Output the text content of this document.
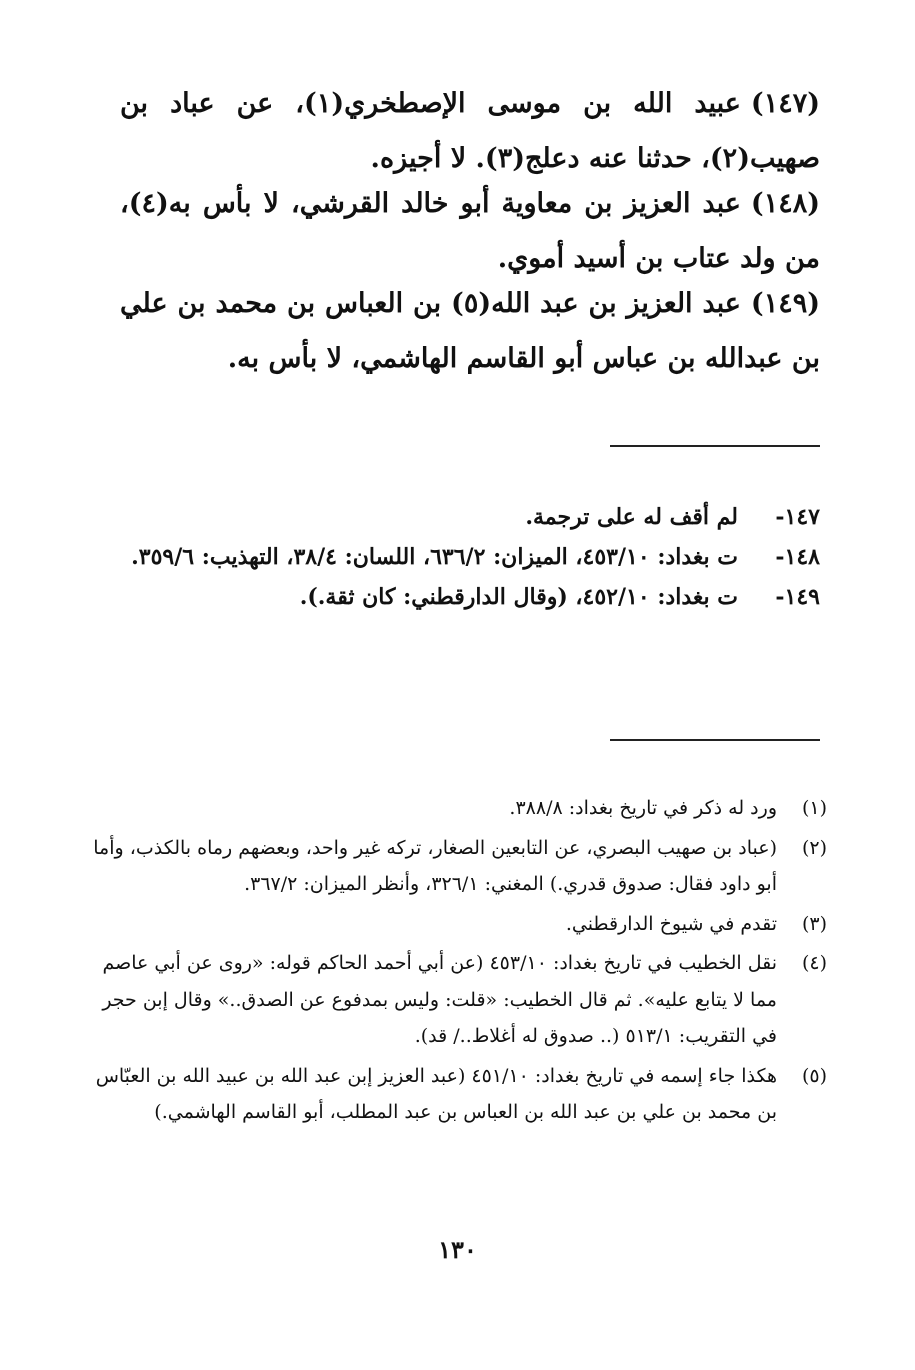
(١٤٧)عبيد الله بن موسى الإصطخري(١)، عن عباد بن صهيب(٢)، حدثنا عنه دعلج(٣). لا أجيزه.
(١٤٨)عبد العزيز بن معاوية أبو خالد القرشي، لا بأس به(٤)، من ولد عتاب بن أسيد أموي.
(١٤٩)عبد العزيز بن عبد الله(٥) بن العباس بن محمد بن علي بن عبدالله بن عباس أبو القاسم الهاشمي، لا بأس به.
١٤٧-
لم أقف له على ترجمة.
١٤٨-
ت بغداد: ٤٥٣/١٠، الميزان: ٦٣٦/٢، اللسان: ٣٨/٤، التهذيب: ٣٥٩/٦.
١٤٩-
ت بغداد: ٤٥٢/١٠، (وقال الدارقطني: كان ثقة.).
(١)
ورد له ذكر في تاريخ بغداد: ٣٨٨/٨.
(٢)
(عباد بن صهيب البصري، عن التابعين الصغار، تركه غير واحد، وبعضهم رماه بالكذب، وأما أبو داود فقال: صدوق قدري.) المغني: ٣٢٦/١، وأنظر الميزان: ٣٦٧/٢.
(٣)
تقدم في شيوخ الدارقطني.
(٤)
نقل الخطيب في تاريخ بغداد: ٤٥٣/١٠ (عن أبي أحمد الحاكم قوله: «روى عن أبي عاصم مما لا يتابع عليه». ثم قال الخطيب: «قلت: وليس بمدفوع عن الصدق..» وقال إبن حجر في التقريب: ٥١٣/١ (.. صدوق له أغلاط../ قد).
(٥)
هكذا جاء إسمه في تاريخ بغداد: ٤٥١/١٠ (عبد العزيز إبن عبد الله بن عبيد الله بن العبّاس بن محمد بن علي بن عبد الله بن العباس بن عبد المطلب، أبو القاسم الهاشمي.)
١٣٠
